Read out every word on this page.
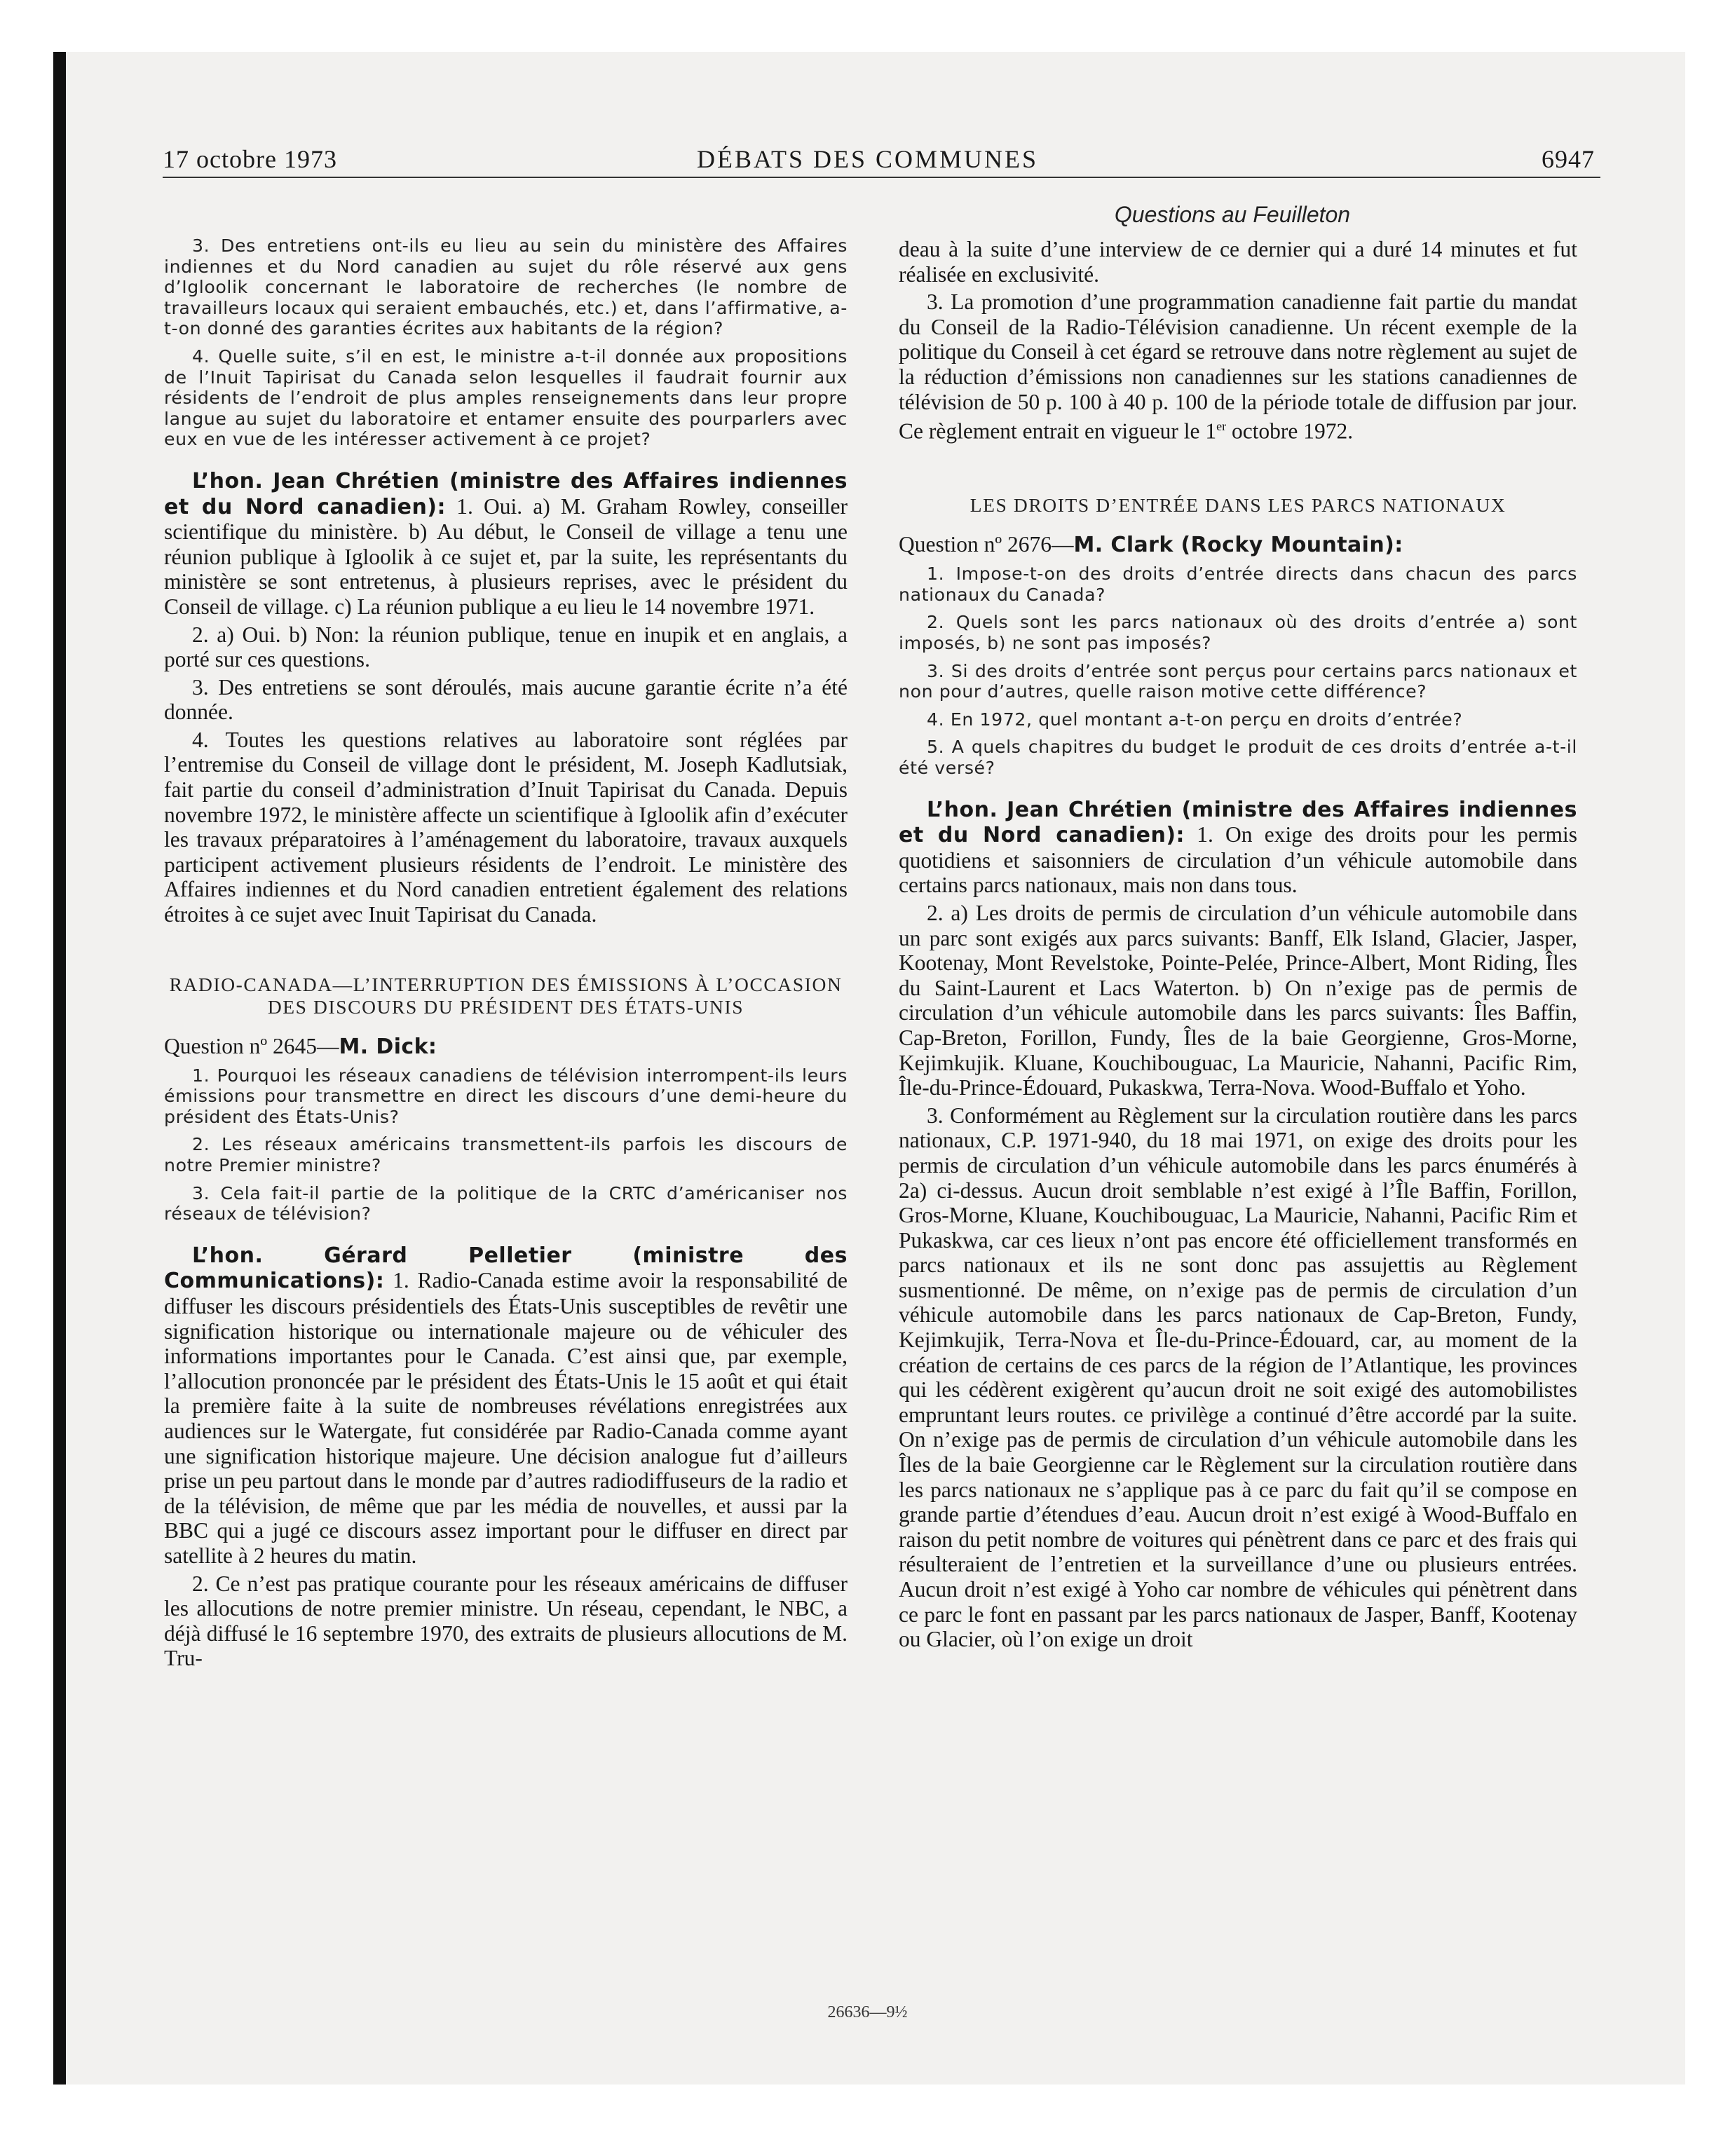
17 octobre 1973	DÉBATS DES COMMUNES	6947
Questions au Feuilleton

3. Des entretiens ont-ils eu lieu au sein du ministère des Affaires indiennes et du Nord canadien au sujet du rôle réservé aux gens d’Igloolik concernant le laboratoire de recherches (le nombre de travailleurs locaux qui seraient embauchés, etc.) et, dans l’affirmative, a-t-on donné des garanties écrites aux habitants de la région?

4. Quelle suite, s’il en est, le ministre a-t-il donnée aux propositions de l’Inuit Tapirisat du Canada selon lesquelles il faudrait fournir aux résidents de l’endroit de plus amples renseignements dans leur propre langue au sujet du laboratoire et entamer ensuite des pourparlers avec eux en vue de les intéresser activement à ce projet?

L’hon. Jean Chrétien (ministre des Affaires indiennes et du Nord canadien): 1. Oui. a) M. Graham Rowley, conseiller scientifique du ministère. b) Au début, le Conseil de village a tenu une réunion publique à Igloolik à ce sujet et, par la suite, les représentants du ministère se sont entretenus, à plusieurs reprises, avec le président du Conseil de village. c) La réunion publique a eu lieu le 14 novembre 1971.

2. a) Oui. b) Non: la réunion publique, tenue en inupik et en anglais, a porté sur ces questions.

3. Des entretiens se sont déroulés, mais aucune garantie écrite n’a été donnée.

4. Toutes les questions relatives au laboratoire sont réglées par l’entremise du Conseil de village dont le président, M. Joseph Kadlutsiak, fait partie du conseil d’administration d’Inuit Tapirisat du Canada. Depuis novembre 1972, le ministère affecte un scientifique à Igloolik afin d’exécuter les travaux préparatoires à l’aménagement du laboratoire, travaux auxquels participent activement plusieurs résidents de l’endroit. Le ministère des Affaires indiennes et du Nord canadien entretient également des relations étroites à ce sujet avec Inuit Tapirisat du Canada.

RADIO-CANADA—L’INTERRUPTION DES ÉMISSIONS À L’OCCASION DES DISCOURS DU PRÉSIDENT DES ÉTATS-UNIS

Question nº 2645—M. Dick:

1. Pourquoi les réseaux canadiens de télévision interrompent-ils leurs émissions pour transmettre en direct les discours d’une demi-heure du président des États-Unis?

2. Les réseaux américains transmettent-ils parfois les discours de notre Premier ministre?

3. Cela fait-il partie de la politique de la CRTC d’américaniser nos réseaux de télévision?

L’hon. Gérard Pelletier (ministre des Communications): 1. Radio-Canada estime avoir la responsabilité de diffuser les discours présidentiels des États-Unis susceptibles de revêtir une signification historique ou internationale majeure ou de véhiculer des informations importantes pour le Canada. C’est ainsi que, par exemple, l’allocution prononcée par le président des États-Unis le 15 août et qui était la première faite à la suite de nombreuses révélations enregistrées aux audiences sur le Watergate, fut considérée par Radio-Canada comme ayant une signification historique majeure. Une décision analogue fut d’ailleurs prise un peu partout dans le monde par d’autres radiodiffuseurs de la radio et de la télévision, de même que par les média de nouvelles, et aussi par la BBC qui a jugé ce discours assez important pour le diffuser en direct par satellite à 2 heures du matin.

2. Ce n’est pas pratique courante pour les réseaux américains de diffuser les allocutions de notre premier ministre. Un réseau, cependant, le NBC, a déjà diffusé le 16 septembre 1970, des extraits de plusieurs allocutions de M. Tru-

deau à la suite d’une interview de ce dernier qui a duré 14 minutes et fut réalisée en exclusivité.

3. La promotion d’une programmation canadienne fait partie du mandat du Conseil de la Radio-Télévision canadienne. Un récent exemple de la politique du Conseil à cet égard se retrouve dans notre règlement au sujet de la réduction d’émissions non canadiennes sur les stations canadiennes de télévision de 50 p. 100 à 40 p. 100 de la période totale de diffusion par jour. Ce règlement entrait en vigueur le 1er octobre 1972.

LES DROITS D’ENTRÉE DANS LES PARCS NATIONAUX

Question nº 2676—M. Clark (Rocky Mountain):

1. Impose-t-on des droits d’entrée directs dans chacun des parcs nationaux du Canada?

2. Quels sont les parcs nationaux où des droits d’entrée a) sont imposés, b) ne sont pas imposés?

3. Si des droits d’entrée sont perçus pour certains parcs nationaux et non pour d’autres, quelle raison motive cette différence?

4. En 1972, quel montant a-t-on perçu en droits d’entrée?

5. A quels chapitres du budget le produit de ces droits d’entrée a-t-il été versé?

L’hon. Jean Chrétien (ministre des Affaires indiennes et du Nord canadien): 1. On exige des droits pour les permis quotidiens et saisonniers de circulation d’un véhicule automobile dans certains parcs nationaux, mais non dans tous.

2. a) Les droits de permis de circulation d’un véhicule automobile dans un parc sont exigés aux parcs suivants: Banff, Elk Island, Glacier, Jasper, Kootenay, Mont Revelstoke, Pointe-Pelée, Prince-Albert, Mont Riding, Îles du Saint-Laurent et Lacs Waterton. b) On n’exige pas de permis de circulation d’un véhicule automobile dans les parcs suivants: Îles Baffin, Cap-Breton, Forillon, Fundy, Îles de la baie Georgienne, Gros-Morne, Kejimkujik. Kluane, Kouchibouguac, La Mauricie, Nahanni, Pacific Rim, Île-du-Prince-Édouard, Pukaskwa, Terra-Nova. Wood-Buffalo et Yoho.

3. Conformément au Règlement sur la circulation routière dans les parcs nationaux, C.P. 1971-940, du 18 mai 1971, on exige des droits pour les permis de circulation d’un véhicule automobile dans les parcs énumérés à 2a) ci-dessus. Aucun droit semblable n’est exigé à l’Île Baffin, Forillon, Gros-Morne, Kluane, Kouchibouguac, La Mauricie, Nahanni, Pacific Rim et Pukaskwa, car ces lieux n’ont pas encore été officiellement transformés en parcs nationaux et ils ne sont donc pas assujettis au Règlement susmentionné. De même, on n’exige pas de permis de circulation d’un véhicule automobile dans les parcs nationaux de Cap-Breton, Fundy, Kejimkujik, Terra-Nova et Île-du-Prince-Édouard, car, au moment de la création de certains de ces parcs de la région de l’Atlantique, les provinces qui les cédèrent exigèrent qu’aucun droit ne soit exigé des automobilistes empruntant leurs routes. ce privilège a continué d’être accordé par la suite. On n’exige pas de permis de circulation d’un véhicule automobile dans les Îles de la baie Georgienne car le Règlement sur la circulation routière dans les parcs nationaux ne s’applique pas à ce parc du fait qu’il se compose en grande partie d’étendues d’eau. Aucun droit n’est exigé à Wood-Buffalo en raison du petit nombre de voitures qui pénètrent dans ce parc et des frais qui résulteraient de l’entretien et la surveillance d’une ou plusieurs entrées. Aucun droit n’est exigé à Yoho car nombre de véhicules qui pénètrent dans ce parc le font en passant par les parcs nationaux de Jasper, Banff, Kootenay ou Glacier, où l’on exige un droit

26636—9½
